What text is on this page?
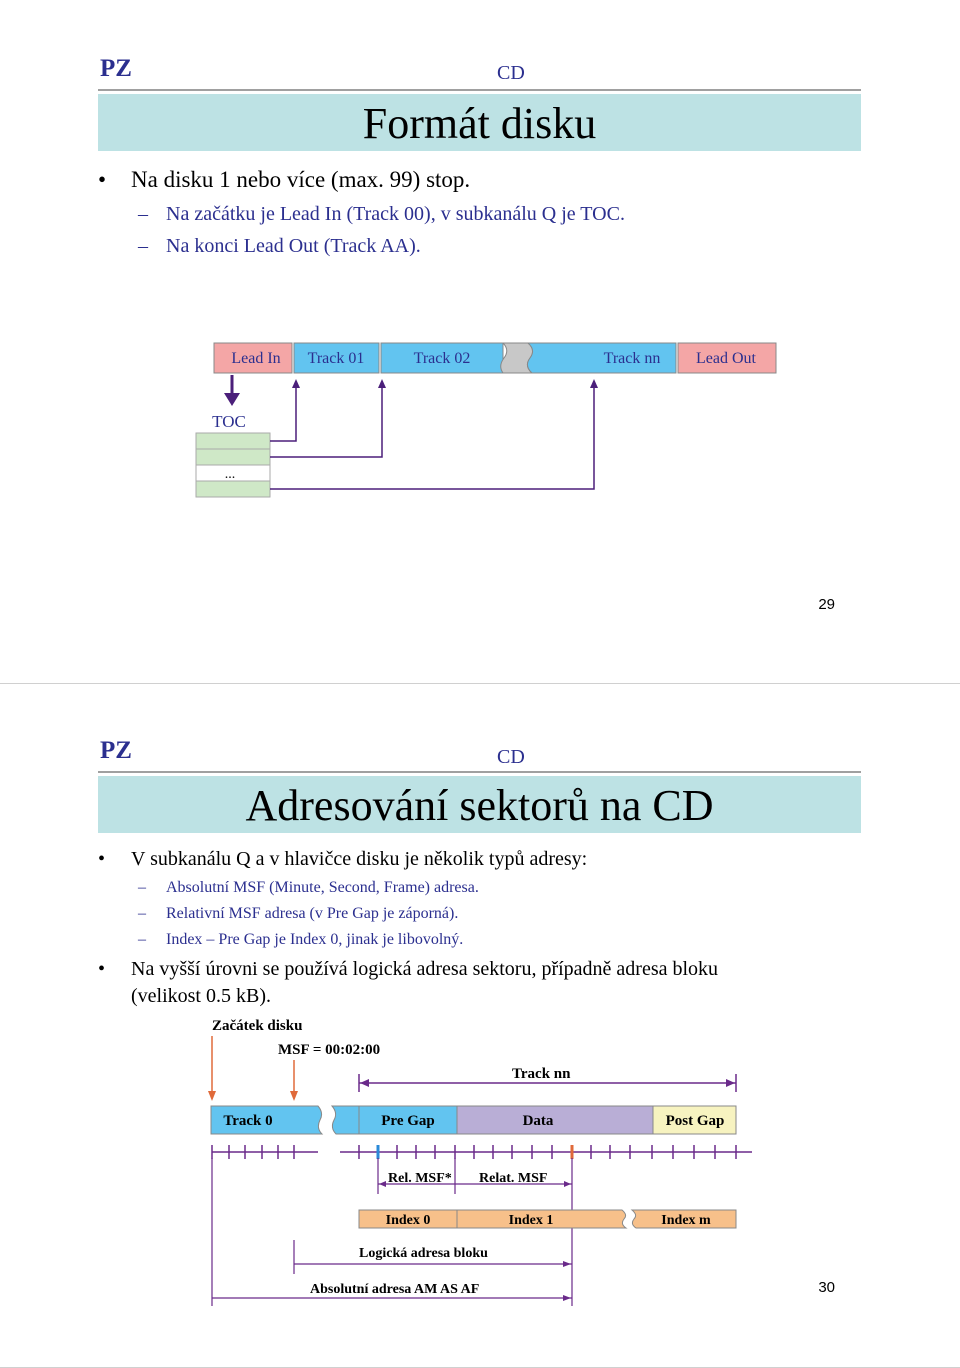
PZ	CD
Formát disku
• Na disku 1 nebo více (max. 99) stop.
– Na začátku je Lead In (Track 00), v subkanálu Q je TOC.
– Na konci Lead Out (Track AA).
Lead In Track 01	Track 02	Track nn Lead Out
TOC
...
29
PZ	CD
Adresování sektorů na CD
• V subkanálu Q a v hlavičce disku je několik typů adresy:
– Absolutní MSF (Minute, Second, Frame) adresa.
– Relativní MSF adresa (v Pre Gap je záporná).
– Index – Pre Gap je Index 0, jinak je libovolný.
• Na vyšší úrovni se používá logická adresa sektoru, případně adresa bloku
(velikost 0.5 kB).
Začátek disku
MSF = 00:02:00
Track nn
Track 0	Pre Gap	Data	Post Gap
Rel. MSF* Relat. MSF
Index 0	Index 1	Index m
Logická adresa bloku
Absolutní adresa AM AS AF	30
